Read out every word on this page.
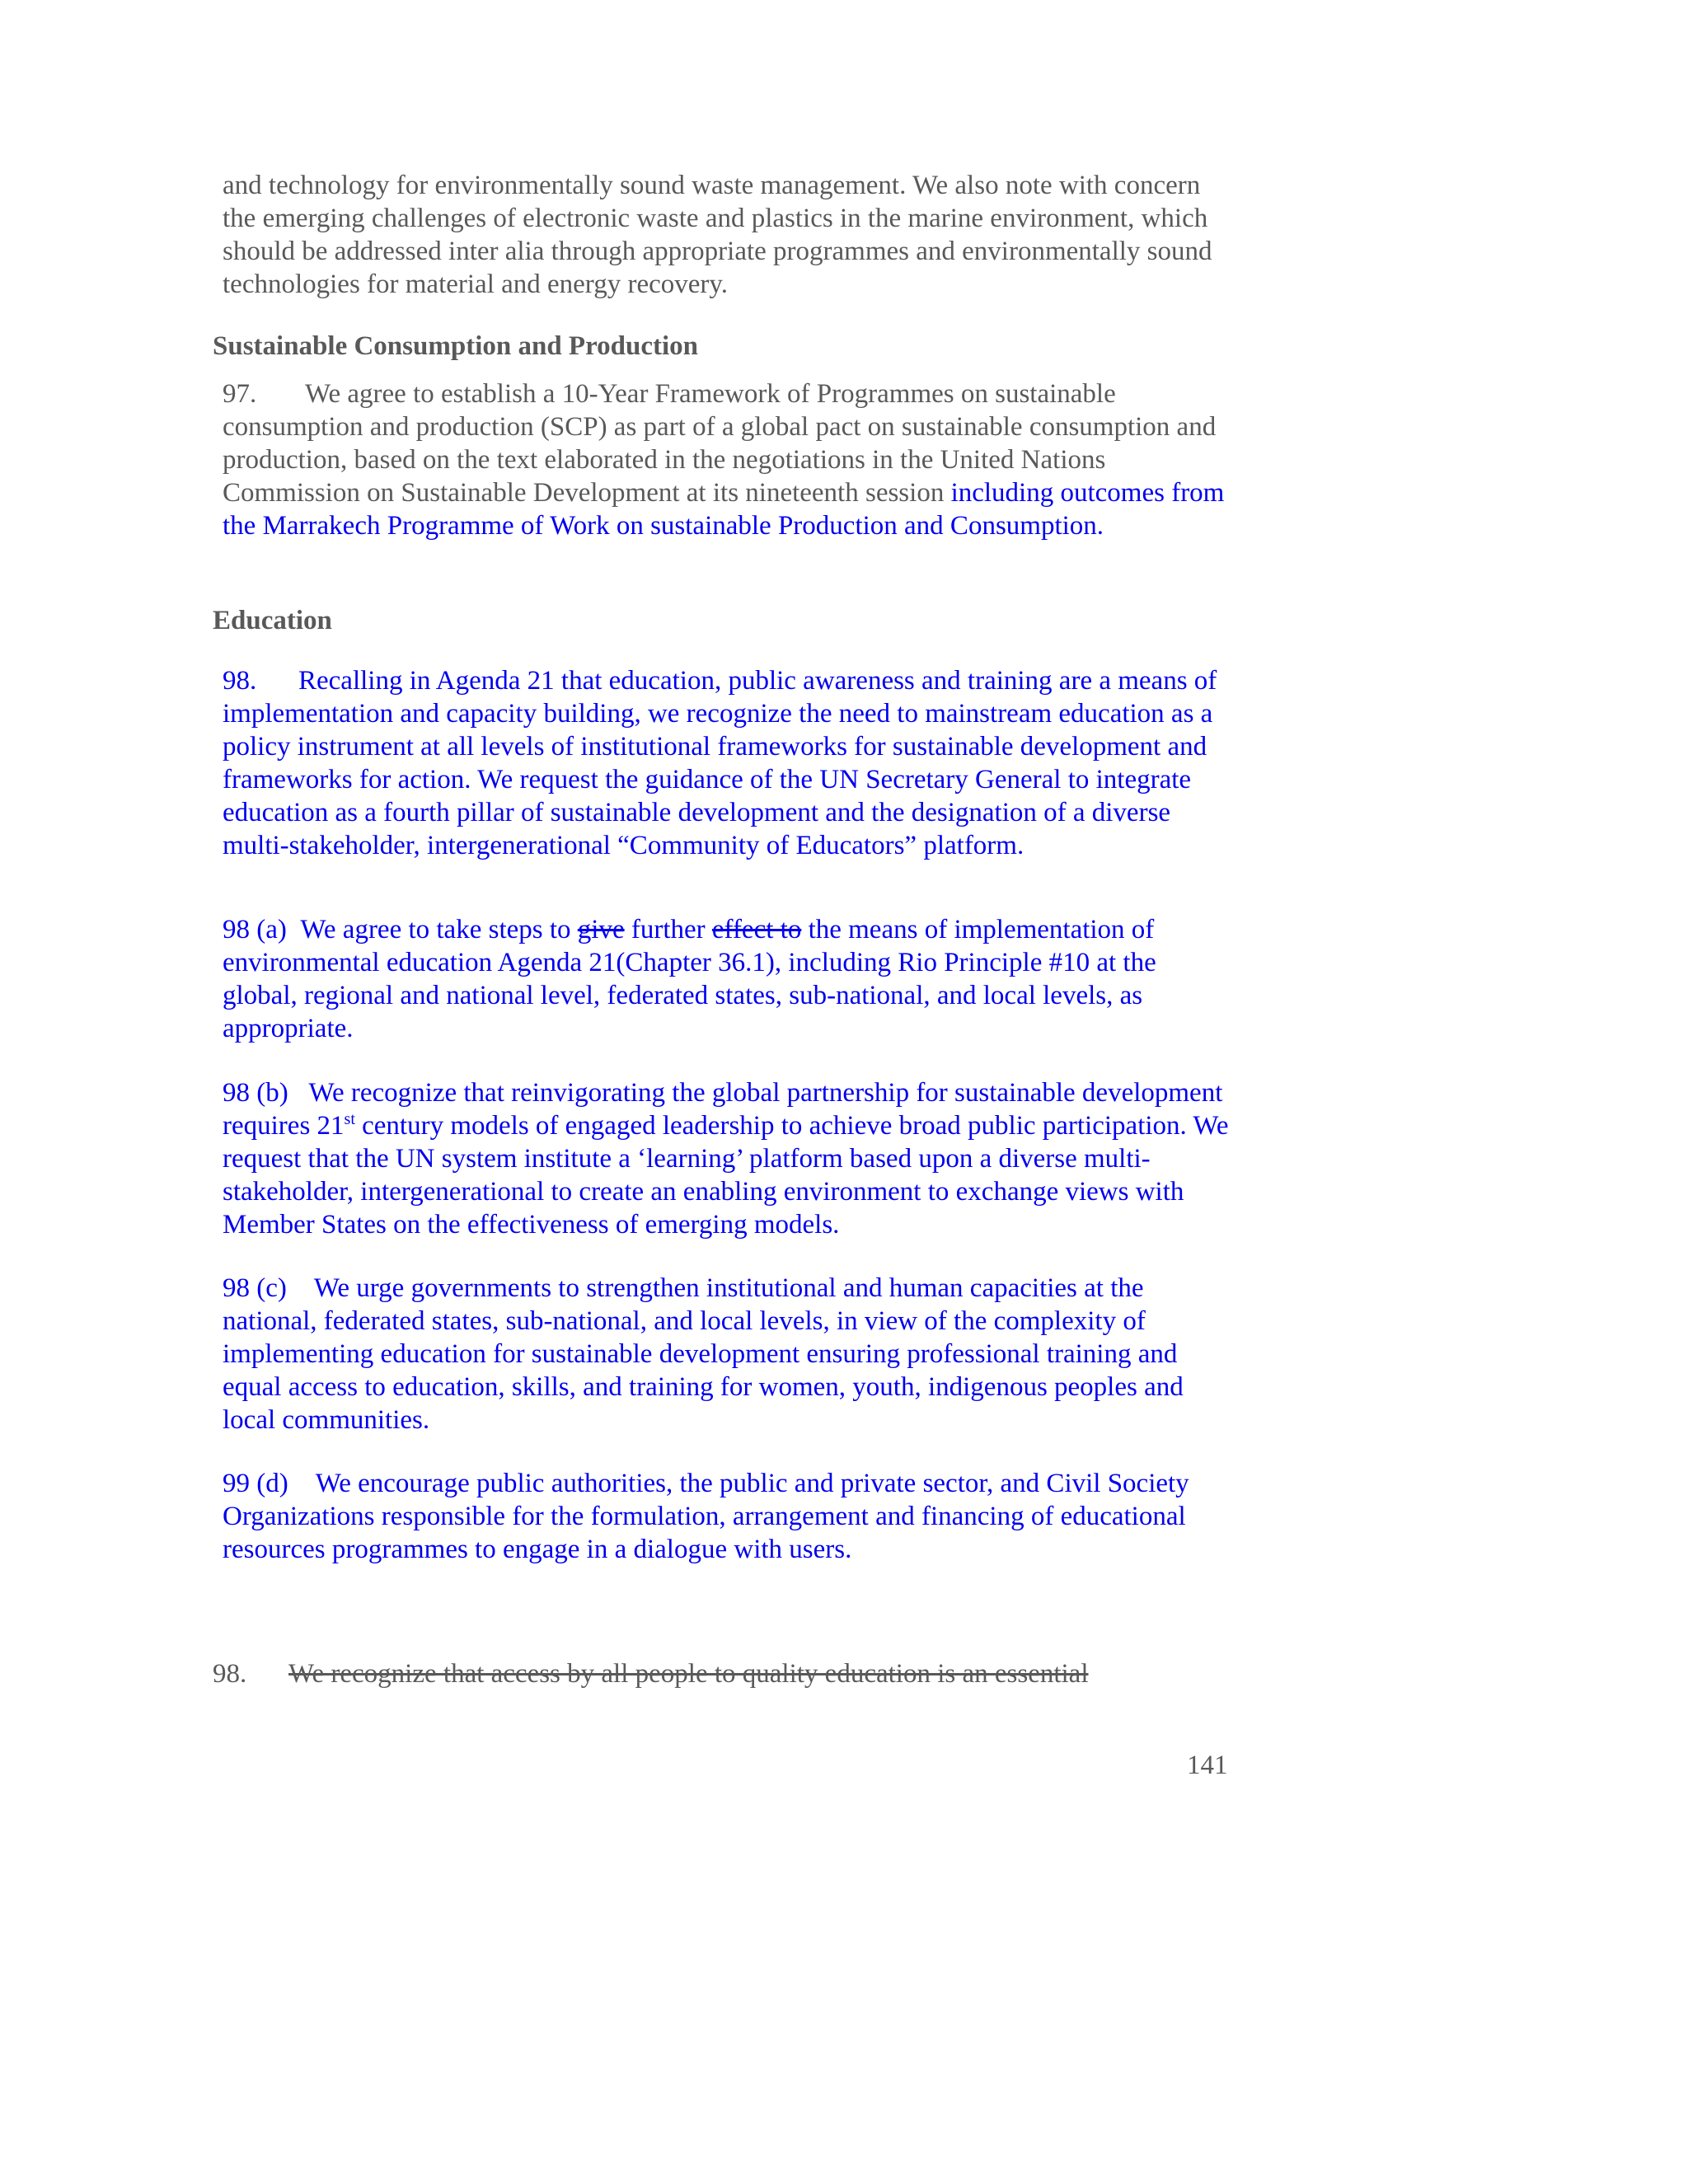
and technology for environmentally sound waste management. We also note with concern the emerging challenges of electronic waste and plastics in the marine environment, which should be addressed inter alia through appropriate programmes and environmentally sound technologies for material and energy recovery.

Sustainable Consumption and Production

97. We agree to establish a 10-Year Framework of Programmes on sustainable consumption and production (SCP) as part of a global pact on sustainable consumption and production, based on the text elaborated in the negotiations in the United Nations Commission on Sustainable Development at its nineteenth session including outcomes from the Marrakech Programme of Work on sustainable Production and Consumption.

Education

98. Recalling in Agenda 21 that education, public awareness and training are a means of implementation and capacity building, we recognize the need to mainstream education as a policy instrument at all levels of institutional frameworks for sustainable development and frameworks for action. We request the guidance of the UN Secretary General to integrate education as a fourth pillar of sustainable development and the designation of a diverse multi-stakeholder, intergenerational “Community of Educators” platform.

98 (a) We agree to take steps to give further effect to the means of implementation of environmental education Agenda 21(Chapter 36.1), including Rio Principle #10 at the global, regional and national level, federated states, sub-national, and local levels, as appropriate.

98 (b) We recognize that reinvigorating the global partnership for sustainable development requires 21st century models of engaged leadership to achieve broad public participation. We request that the UN system institute a ‘learning’ platform based upon a diverse multi-stakeholder, intergenerational to create an enabling environment to exchange views with Member States on the effectiveness of emerging models.

98 (c) We urge governments to strengthen institutional and human capacities at the national, federated states, sub-national, and local levels, in view of the complexity of implementing education for sustainable development ensuring professional training and equal access to education, skills, and training for women, youth, indigenous peoples and local communities.

99 (d) We encourage public authorities, the public and private sector, and Civil Society Organizations responsible for the formulation, arrangement and financing of educational resources programmes to engage in a dialogue with users.

98. We recognize that access by all people to quality education is an essential

141
